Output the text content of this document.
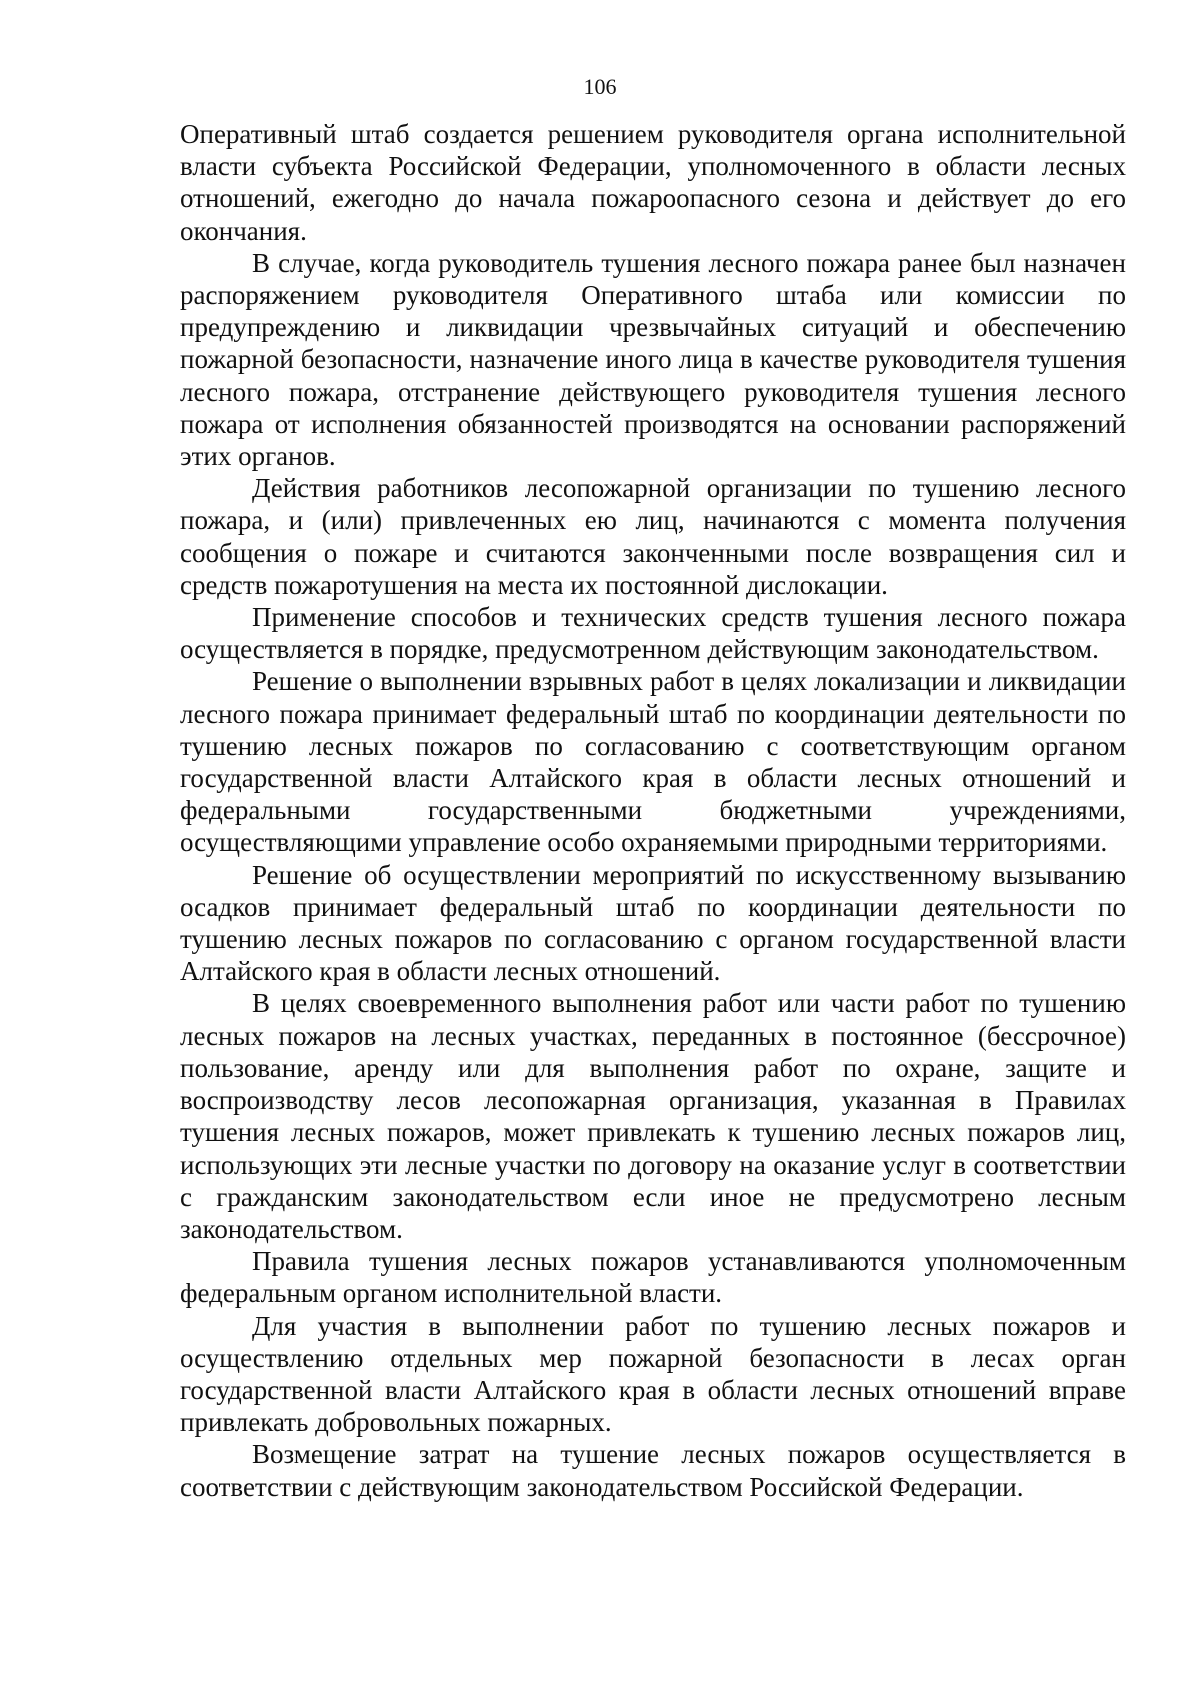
106

Оперативный штаб создается решением руководителя органа исполнительной власти субъекта Российской Федерации, уполномоченного в области лесных отношений, ежегодно до начала пожароопасного сезона и действует до его окончания.

В случае, когда руководитель тушения лесного пожара ранее был назначен распоряжением руководителя Оперативного штаба или комиссии по предупреждению и ликвидации чрезвычайных ситуаций и обеспечению пожарной безопасности, назначение иного лица в качестве руководителя тушения лесного пожара, отстранение действующего руководителя тушения лесного пожара от исполнения обязанностей производятся на основании распоряжений этих органов.

Действия работников лесопожарной организации по тушению лесного пожара, и (или) привлеченных ею лиц, начинаются с момента получения сообщения о пожаре и считаются законченными после возвращения сил и средств пожаротушения на места их постоянной дислокации.

Применение способов и технических средств тушения лесного пожара осуществляется в порядке, предусмотренном действующим законодательством.

Решение о выполнении взрывных работ в целях локализации и ликвидации лесного пожара принимает федеральный штаб по координации деятельности по тушению лесных пожаров по согласованию с соответствующим органом государственной власти Алтайского края в области лесных отношений и федеральными государственными бюджетными учреждениями, осуществляющими управление особо охраняемыми природными территориями.

Решение об осуществлении мероприятий по искусственному вызыванию осадков принимает федеральный штаб по координации деятельности по тушению лесных пожаров по согласованию с органом государственной власти Алтайского края в области лесных отношений.

В целях своевременного выполнения работ или части работ по тушению лесных пожаров на лесных участках, переданных в постоянное (бессрочное) пользование, аренду или для выполнения работ по охране, защите и воспроизводству лесов лесопожарная организация, указанная в Правилах тушения лесных пожаров, может привлекать к тушению лесных пожаров лиц, использующих эти лесные участки по договору на оказание услуг в соответствии с гражданским законодательством если иное не предусмотрено лесным законодательством.

Правила тушения лесных пожаров устанавливаются уполномоченным федеральным органом исполнительной власти.

Для участия в выполнении работ по тушению лесных пожаров и осуществлению отдельных мер пожарной безопасности в лесах орган государственной власти Алтайского края в области лесных отношений вправе привлекать добровольных пожарных.

Возмещение затрат на тушение лесных пожаров осуществляется в соответствии с действующим законодательством Российской Федерации.
